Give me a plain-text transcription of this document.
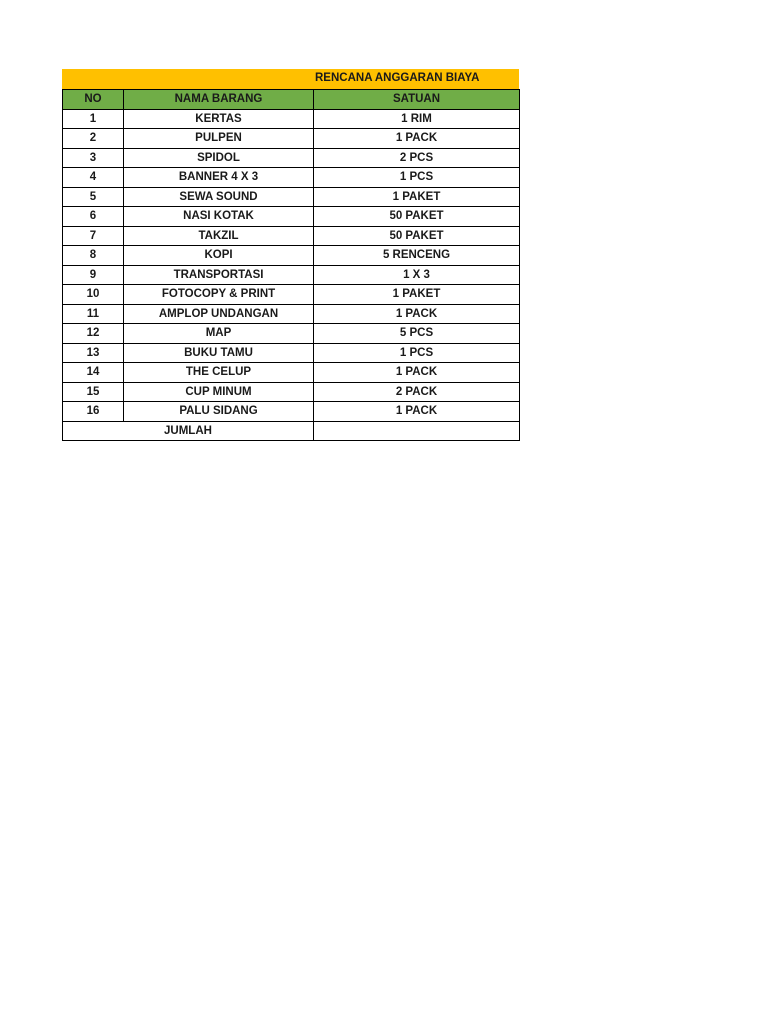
RENCANA ANGGARAN BIAYA
NO	NAMA BARANG	SATUAN
1	KERTAS	1 RIM
2	PULPEN	1 PACK
3	SPIDOL	2 PCS
4	BANNER 4 X 3	1 PCS
5	SEWA SOUND	1 PAKET
6	NASI KOTAK	50 PAKET
7	TAKZIL	50 PAKET
8	KOPI	5 RENCENG
9	TRANSPORTASI	1 X 3
10	FOTOCOPY & PRINT	1 PAKET
11	AMPLOP UNDANGAN	1 PACK
12	MAP	5 PCS
13	BUKU TAMU	1 PCS
14	THE CELUP	1 PACK
15	CUP MINUM	2 PACK
16	PALU SIDANG	1 PACK
JUMLAH		
